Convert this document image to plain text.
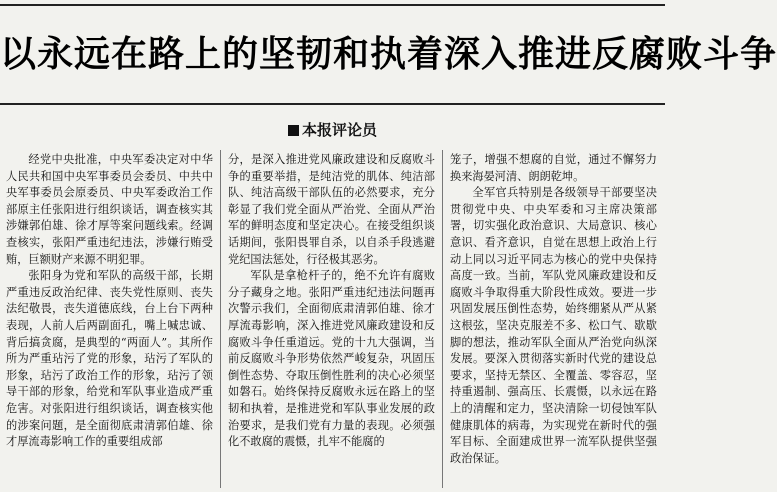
以永远在路上的坚韧和执着深入推进反腐败斗争
本报评论员

经党中央批准，中央军委决定对中华人民共和国中央军事委员会委员、中共中央军事委员会原委员、中央军委政治工作部原主任张阳进行组织谈话，调查核实其涉嫌郭伯雄、徐才厚等案问题线索。经调查核实，张阳严重违纪违法，涉嫌行贿受贿，巨额财产来源不明犯罪。

张阳身为党和军队的高级干部，长期严重违反政治纪律、丧失党性原则、丧失法纪敬畏，丧失道德底线，台上台下两种表现，人前人后两副面孔，嘴上喊忠诚、背后搞贪腐，是典型的“两面人”。其所作所为严重玷污了党的形象，玷污了军队的形象，玷污了政治工作的形象，玷污了领导干部的形象，给党和军队事业造成严重危害。对张阳进行组织谈话，调查核实他的涉案问题，是全面彻底肃清郭伯雄、徐才厚流毒影响工作的重要组成部

分，是深入推进党风廉政建设和反腐败斗争的重要举措，是纯洁党的肌体、纯洁部队、纯洁高级干部队伍的必然要求，充分彰显了我们党全面从严治党、全面从严治军的鲜明态度和坚定决心。在接受组织谈话期间，张阳畏罪自杀，以自杀手段逃避党纪国法惩处，行径极其恶劣。

军队是拿枪杆子的，绝不允许有腐败分子藏身之地。张阳严重违纪违法问题再次警示我们，全面彻底肃清郭伯雄、徐才厚流毒影响，深入推进党风廉政建设和反腐败斗争任重道远。党的十九大强调，当前反腐败斗争形势依然严峻复杂，巩固压倒性态势、夺取压倒性胜利的决心必须坚如磐石。始终保持反腐败永远在路上的坚韧和执着，是推进党和军队事业发展的政治要求，是我们党有力量的表现。必须强化不敢腐的震慑，扎牢不能腐的

笼子，增强不想腐的自觉，通过不懈努力换来海晏河清、朗朗乾坤。

全军官兵特别是各级领导干部要坚决贯彻党中央、中央军委和习主席决策部署，切实强化政治意识、大局意识、核心意识、看齐意识，自觉在思想上政治上行动上同以习近平同志为核心的党中央保持高度一致。当前，军队党风廉政建设和反腐败斗争取得重大阶段性成效。要进一步巩固发展压倒性态势，始终绷紧从严从紧这根弦，坚决克服差不多、松口气、歇歇脚的想法，推动军队全面从严治党向纵深发展。要深入贯彻落实新时代党的建设总要求，坚持无禁区、全覆盖、零容忍，坚持重遏制、强高压、长震慑，以永远在路上的清醒和定力，坚决清除一切侵蚀军队健康肌体的病毒，为实现党在新时代的强军目标、全面建成世界一流军队提供坚强政治保证。
